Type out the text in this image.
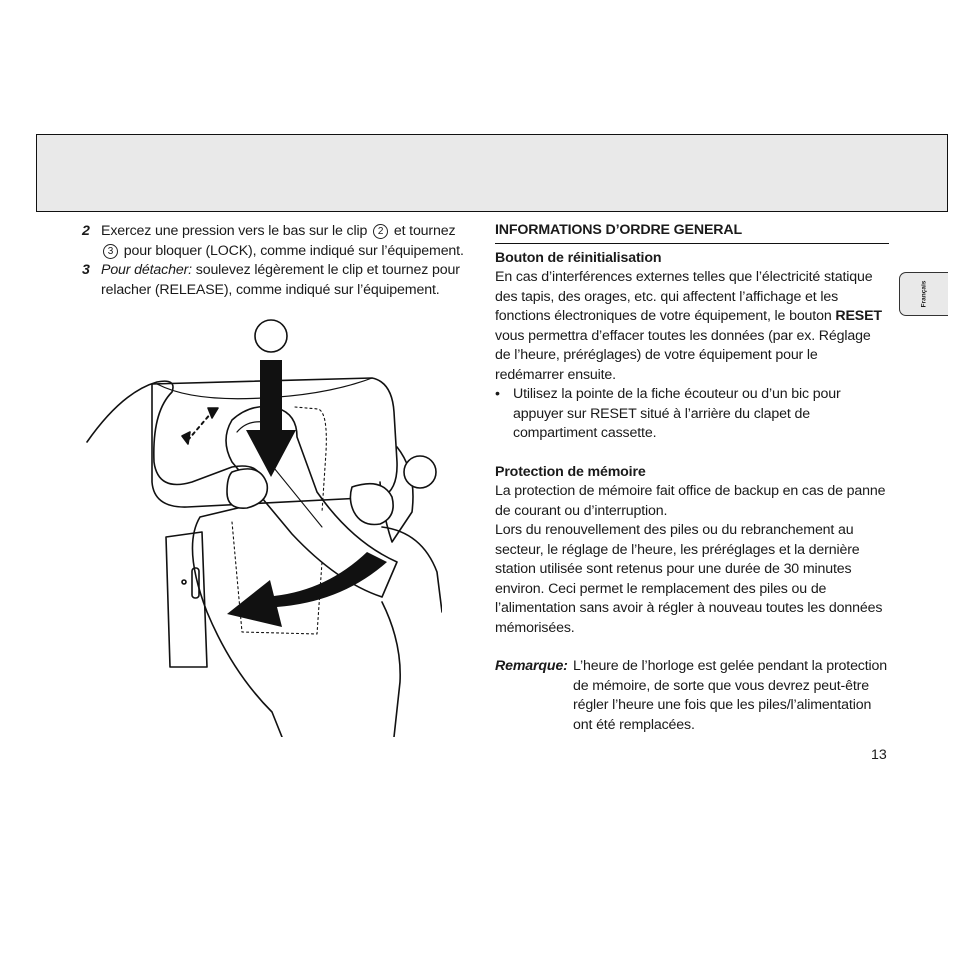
Français
2 Exercez une pression vers le bas sur le clip 2 et tournez 3 pour bloquer (LOCK), comme indiqué sur l’équipement.
3 Pour détacher: soulevez légèrement le clip et tournez pour relacher (RELEASE), comme indiqué sur l’équipement.
INFORMATIONS D’ORDRE GENERAL
Bouton de réinitialisation
En cas d’interférences externes telles que l’électricité statique des tapis, des orages, etc. qui affectent l’affichage et les fonctions électroniques de votre équipement, le bouton RESET vous permettra d’effacer toutes les données (par ex. Réglage de l’heure, préréglages) de votre équipement pour le redémarrer ensuite.
• Utilisez la pointe de la fiche écouteur ou d’un bic pour appuyer sur RESET situé à l’arrière du clapet de compartiment cassette.
Protection de mémoire
La protection de mémoire fait office de backup en cas de panne de courant ou d’interruption.
Lors du renouvellement des piles ou du rebranchement au secteur, le réglage de l’heure, les préréglages et la dernière station utilisée sont retenus pour une durée de 30 minutes environ. Ceci permet le remplacement des piles ou de l’alimentation sans avoir à régler à nouveau toutes les données mémorisées.
Remarque: L’heure de l’horloge est gelée pendant la protection de mémoire, de sorte que vous devrez peut-être régler l’heure une fois que les piles/l’alimentation ont été remplacées.
13
